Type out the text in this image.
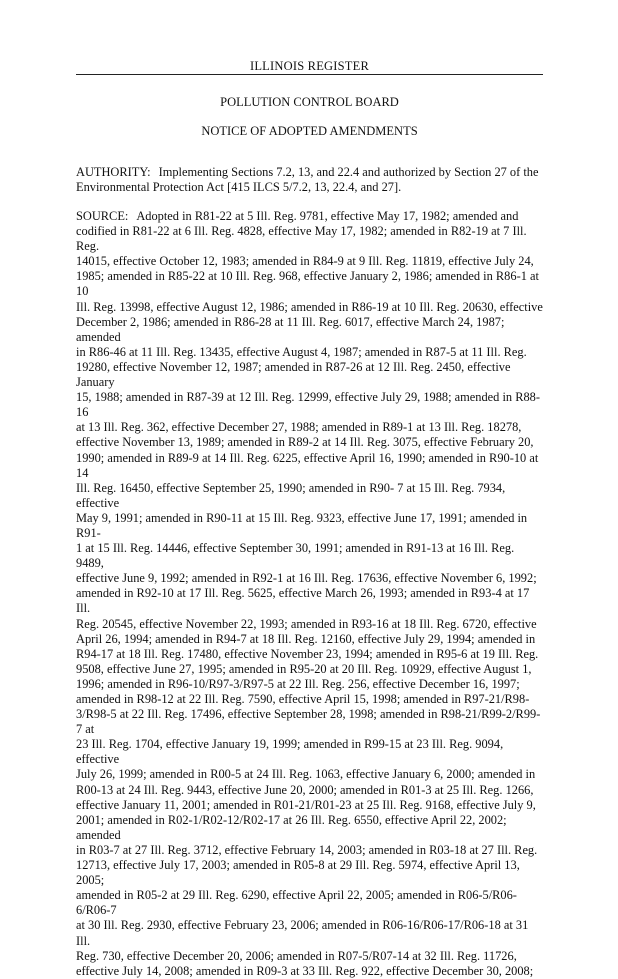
ILLINOIS REGISTER
POLLUTION CONTROL BOARD
NOTICE OF ADOPTED AMENDMENTS
AUTHORITY: Implementing Sections 7.2, 13, and 22.4 and authorized by Section 27 of the
Environmental Protection Act [415 ILCS 5/7.2, 13, 22.4, and 27].
SOURCE: Adopted in R81-22 at 5 Ill. Reg. 9781, effective May 17, 1982; amended and
codified in R81-22 at 6 Ill. Reg. 4828, effective May 17, 1982; amended in R82-19 at 7 Ill. Reg.
14015, effective October 12, 1983; amended in R84-9 at 9 Ill. Reg. 11819, effective July 24,
1985; amended in R85-22 at 10 Ill. Reg. 968, effective January 2, 1986; amended in R86-1 at 10
Ill. Reg. 13998, effective August 12, 1986; amended in R86-19 at 10 Ill. Reg. 20630, effective
December 2, 1986; amended in R86-28 at 11 Ill. Reg. 6017, effective March 24, 1987; amended
in R86-46 at 11 Ill. Reg. 13435, effective August 4, 1987; amended in R87-5 at 11 Ill. Reg.
19280, effective November 12, 1987; amended in R87-26 at 12 Ill. Reg. 2450, effective January
15, 1988; amended in R87-39 at 12 Ill. Reg. 12999, effective July 29, 1988; amended in R88-16
at 13 Ill. Reg. 362, effective December 27, 1988; amended in R89-1 at 13 Ill. Reg. 18278,
effective November 13, 1989; amended in R89-2 at 14 Ill. Reg. 3075, effective February 20,
1990; amended in R89-9 at 14 Ill. Reg. 6225, effective April 16, 1990; amended in R90-10 at 14
Ill. Reg. 16450, effective September 25, 1990; amended in R90- 7 at 15 Ill. Reg. 7934, effective
May 9, 1991; amended in R90-11 at 15 Ill. Reg. 9323, effective June 17, 1991; amended in R91-
1 at 15 Ill. Reg. 14446, effective September 30, 1991; amended in R91-13 at 16 Ill. Reg. 9489,
effective June 9, 1992; amended in R92-1 at 16 Ill. Reg. 17636, effective November 6, 1992;
amended in R92-10 at 17 Ill. Reg. 5625, effective March 26, 1993; amended in R93-4 at 17 Ill.
Reg. 20545, effective November 22, 1993; amended in R93-16 at 18 Ill. Reg. 6720, effective
April 26, 1994; amended in R94-7 at 18 Ill. Reg. 12160, effective July 29, 1994; amended in
R94-17 at 18 Ill. Reg. 17480, effective November 23, 1994; amended in R95-6 at 19 Ill. Reg.
9508, effective June 27, 1995; amended in R95-20 at 20 Ill. Reg. 10929, effective August 1,
1996; amended in R96-10/R97-3/R97-5 at 22 Ill. Reg. 256, effective December 16, 1997;
amended in R98-12 at 22 Ill. Reg. 7590, effective April 15, 1998; amended in R97-21/R98-
3/R98-5 at 22 Ill. Reg. 17496, effective September 28, 1998; amended in R98-21/R99-2/R99-7 at
23 Ill. Reg. 1704, effective January 19, 1999; amended in R99-15 at 23 Ill. Reg. 9094, effective
July 26, 1999; amended in R00-5 at 24 Ill. Reg. 1063, effective January 6, 2000; amended in
R00-13 at 24 Ill. Reg. 9443, effective June 20, 2000; amended in R01-3 at 25 Ill. Reg. 1266,
effective January 11, 2001; amended in R01-21/R01-23 at 25 Ill. Reg. 9168, effective July 9,
2001; amended in R02-1/R02-12/R02-17 at 26 Ill. Reg. 6550, effective April 22, 2002; amended
in R03-7 at 27 Ill. Reg. 3712, effective February 14, 2003; amended in R03-18 at 27 Ill. Reg.
12713, effective July 17, 2003; amended in R05-8 at 29 Ill. Reg. 5974, effective April 13, 2005;
amended in R05-2 at 29 Ill. Reg. 6290, effective April 22, 2005; amended in R06-5/R06-6/R06-7
at 30 Ill. Reg. 2930, effective February 23, 2006; amended in R06-16/R06-17/R06-18 at 31 Ill.
Reg. 730, effective December 20, 2006; amended in R07-5/R07-14 at 32 Ill. Reg. 11726,
effective July 14, 2008; amended in R09-3 at 33 Ill. Reg. 922, effective December 30, 2008;
